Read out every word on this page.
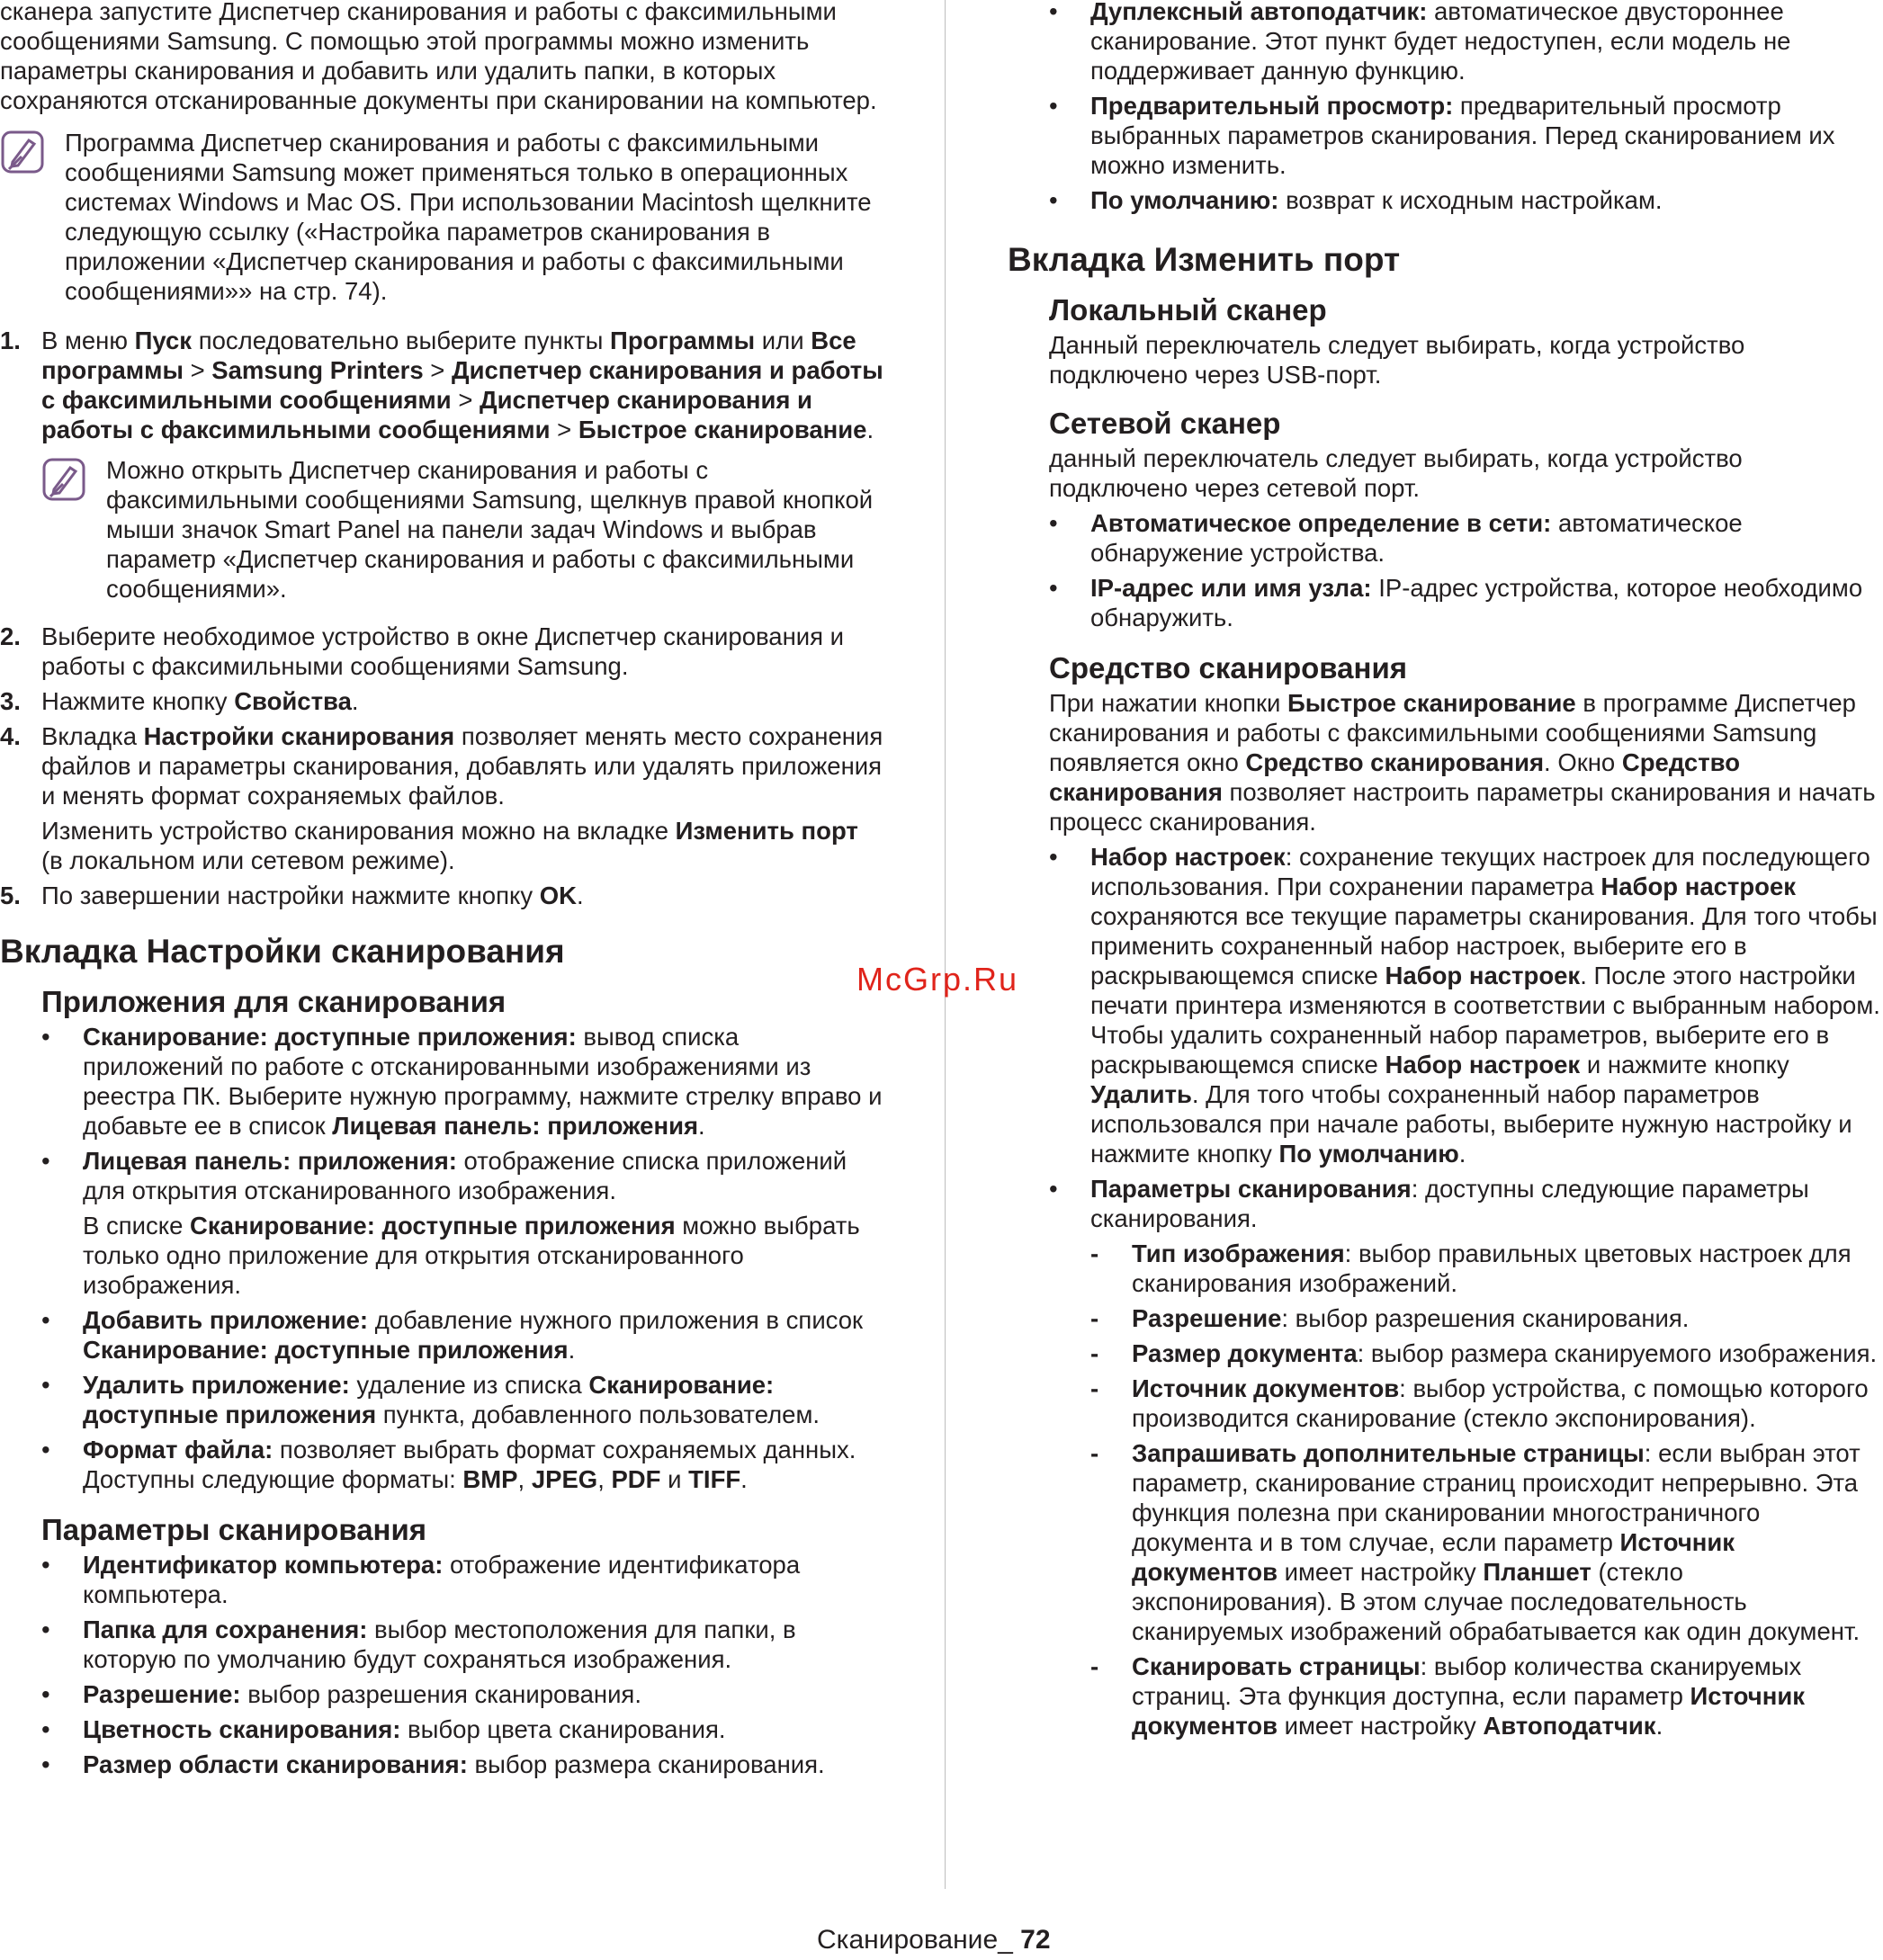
сканера запустите Диспетчер сканирования и работы с факсимильными сообщениями Samsung. С помощью этой программы можно изменить параметры сканирования и добавить или удалить папки, в которых сохраняются отсканированные документы при сканировании на компьютер.

Программа Диспетчер сканирования и работы с факсимильными сообщениями Samsung может применяться только в операционных системах Windows и Mac OS. При использовании Macintosh щелкните следующую ссылку («Настройка параметров сканирования в приложении «Диспетчер сканирования и работы с факсимильными сообщениями»» на стр. 74).
1. В меню Пуск последовательно выберите пункты Программы или Все программы > Samsung Printers > Диспетчер сканирования и работы с факсимильными сообщениями > Диспетчер сканирования и работы с факсимильными сообщениями > Быстрое сканирование.
Можно открыть Диспетчер сканирования и работы с факсимильными сообщениями Samsung, щелкнув правой кнопкой мыши значок Smart Panel на панели задач Windows и выбрав параметр «Диспетчер сканирования и работы с факсимильными сообщениями».
2. Выберите необходимое устройство в окне Диспетчер сканирования и работы с факсимильными сообщениями Samsung.
3. Нажмите кнопку Свойства.
4. Вкладка Настройки сканирования позволяет менять место сохранения файлов и параметры сканирования, добавлять или удалять приложения и менять формат сохраняемых файлов.
Изменить устройство сканирования можно на вкладке Изменить порт (в локальном или сетевом режиме).
5. По завершении настройки нажмите кнопку OK.
Вкладка Настройки сканирования
Приложения для сканирования
• Сканирование: доступные приложения: вывод списка приложений по работе с отсканированными изображениями из реестра ПК. Выберите нужную программу, нажмите стрелку вправо и добавьте ее в список Лицевая панель: приложения.
• Лицевая панель: приложения: отображение списка приложений для открытия отсканированного изображения.
В списке Сканирование: доступные приложения можно выбрать только одно приложение для открытия отсканированного изображения.
• Добавить приложение: добавление нужного приложения в список Сканирование: доступные приложения.
• Удалить приложение: удаление из списка Сканирование: доступные приложения пункта, добавленного пользователем.
• Формат файла: позволяет выбрать формат сохраняемых данных. Доступны следующие форматы: BMP, JPEG, PDF и TIFF.
Параметры сканирования
• Идентификатор компьютера: отображение идентификатора компьютера.
• Папка для сохранения: выбор местоположения для папки, в которую по умолчанию будут сохраняться изображения.
• Разрешение: выбор разрешения сканирования.
• Цветность сканирования: выбор цвета сканирования.
• Размер области сканирования: выбор размера сканирования.
• Дуплексный автоподатчик: автоматическое двустороннее сканирование. Этот пункт будет недоступен, если модель не поддерживает данную функцию.
• Предварительный просмотр: предварительный просмотр выбранных параметров сканирования. Перед сканированием их можно изменить.
• По умолчанию: возврат к исходным настройкам.
Вкладка Изменить порт
Локальный сканер

Данный переключатель следует выбирать, когда устройство подключено через USB-порт.

Сетевой сканер

данный переключатель следует выбирать, когда устройство подключено через сетевой порт.

• Автоматическое определение в сети: автоматическое обнаружение устройства.
• IP-адрес или имя узла: IP-адрес устройства, которое необходимо обнаружить.
Средство сканирования
При нажатии кнопки Быстрое сканирование в программе Диспетчер сканирования и работы с факсимильными сообщениями Samsung появляется окно Средство сканирования. Окно Средство сканирования позволяет настроить параметры сканирования и начать процесс сканирования.
• Набор настроек: сохранение текущих настроек для последующего использования. При сохранении параметра Набор настроек сохраняются все текущие параметры сканирования. Для того чтобы применить сохраненный набор настроек, выберите его в раскрывающемся списке Набор настроек. После этого настройки печати принтера изменяются в соответствии с выбранным набором. Чтобы удалить сохраненный набор параметров, выберите его в раскрывающемся списке Набор настроек и нажмите кнопку Удалить. Для того чтобы сохраненный набор параметров использовался при начале работы, выберите нужную настройку и нажмите кнопку По умолчанию.
• Параметры сканирования: доступны следующие параметры сканирования.
- Тип изображения: выбор правильных цветовых настроек для сканирования изображений.
- Разрешение: выбор разрешения сканирования.
- Размер документа: выбор размера сканируемого изображения.
- Источник документов: выбор устройства, с помощью которого производится сканирование (стекло экспонирования).
- Запрашивать дополнительные страницы: если выбран этот параметр, сканирование страниц происходит непрерывно. Эта функция полезна при сканировании многостраничного документа и в том случае, если параметр Источник документов имеет настройку Планшет (стекло экспонирования). В этом случае последовательность сканируемых изображений обрабатывается как один документ.
- Сканировать страницы: выбор количества сканируемых страниц. Эта функция доступна, если параметр Источник документов имеет настройку Автоподатчик.
McGrp.Ru
Сканирование_ 72
